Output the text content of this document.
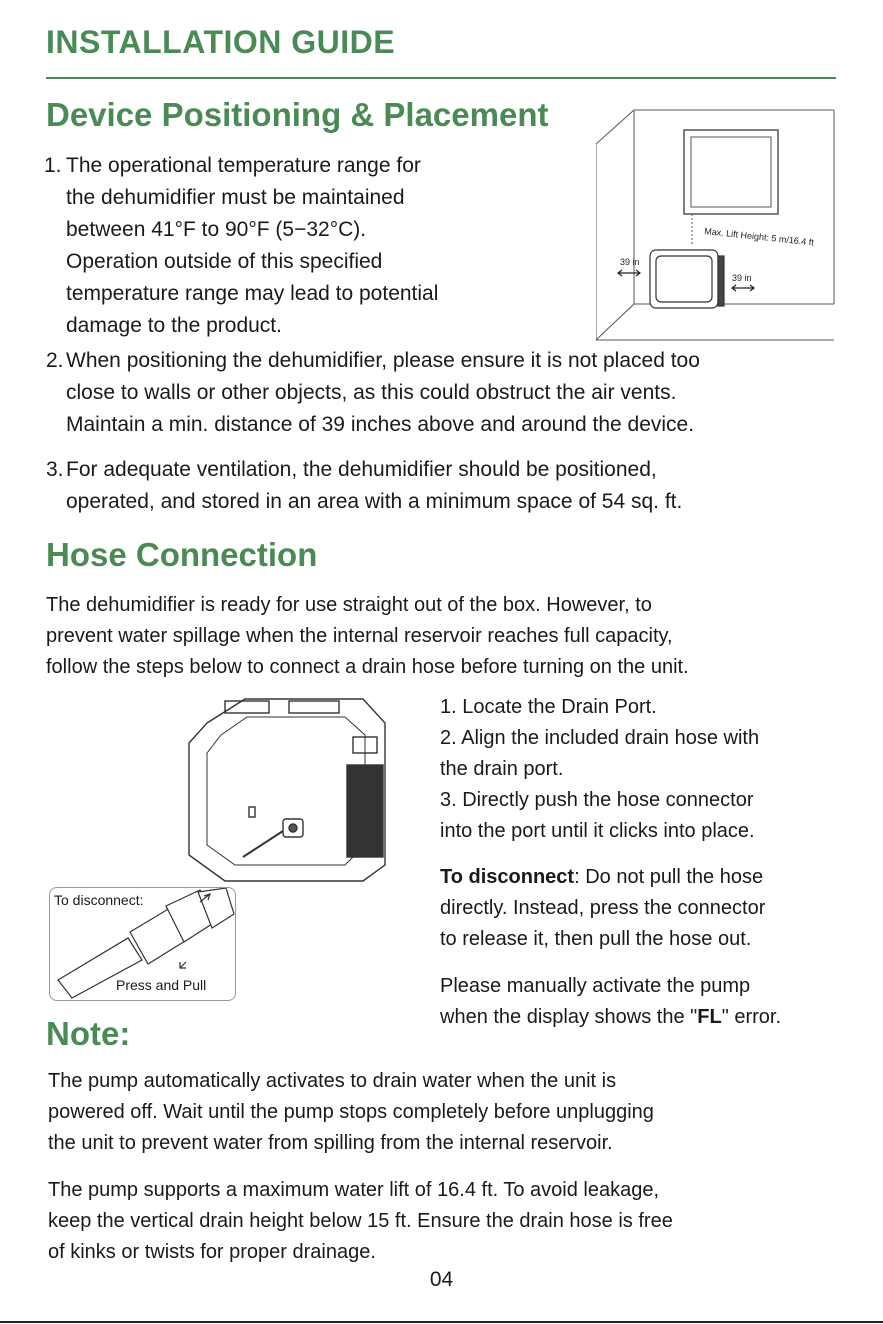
INSTALLATION GUIDE
Device Positioning & Placement
1. The operational temperature range for
the dehumidifier must be maintained
between 41°F to 90°F (5−32°C).
Operation outside of this specified
temperature range may lead to potential
damage to the product.
Max. Lift Height: 5 m/16.4 ft
39 in
39 in
2. When positioning the dehumidifier, please ensure it is not placed too
close to walls or other objects, as this could obstruct the air vents.
Maintain a min. distance of 39 inches above and around the device.
3. For adequate ventilation, the dehumidifier should be positioned,
operated, and stored in an area with a minimum space of 54 sq. ft.
Hose Connection
The dehumidifier is ready for use straight out of the box. However, to
prevent water spillage when the internal reservoir reaches full capacity,
follow the steps below to connect a drain hose before turning on the unit.
To disconnect:
Press and Pull
1. Locate the Drain Port.
2. Align the included drain hose with
the drain port.
3. Directly push the hose connector
into the port until it clicks into place.
To disconnect: Do not pull the hose
directly. Instead, press the connector
to release it, then pull the hose out.
Please manually activate the pump
when the display shows the "FL" error.
Note:
The pump automatically activates to drain water when the unit is
powered off. Wait until the pump stops completely before unplugging
the unit to prevent water from spilling from the internal reservoir.
The pump supports a maximum water lift of 16.4 ft. To avoid leakage,
keep the vertical drain height below 15 ft. Ensure the drain hose is free
of kinks or twists for proper drainage.
04
